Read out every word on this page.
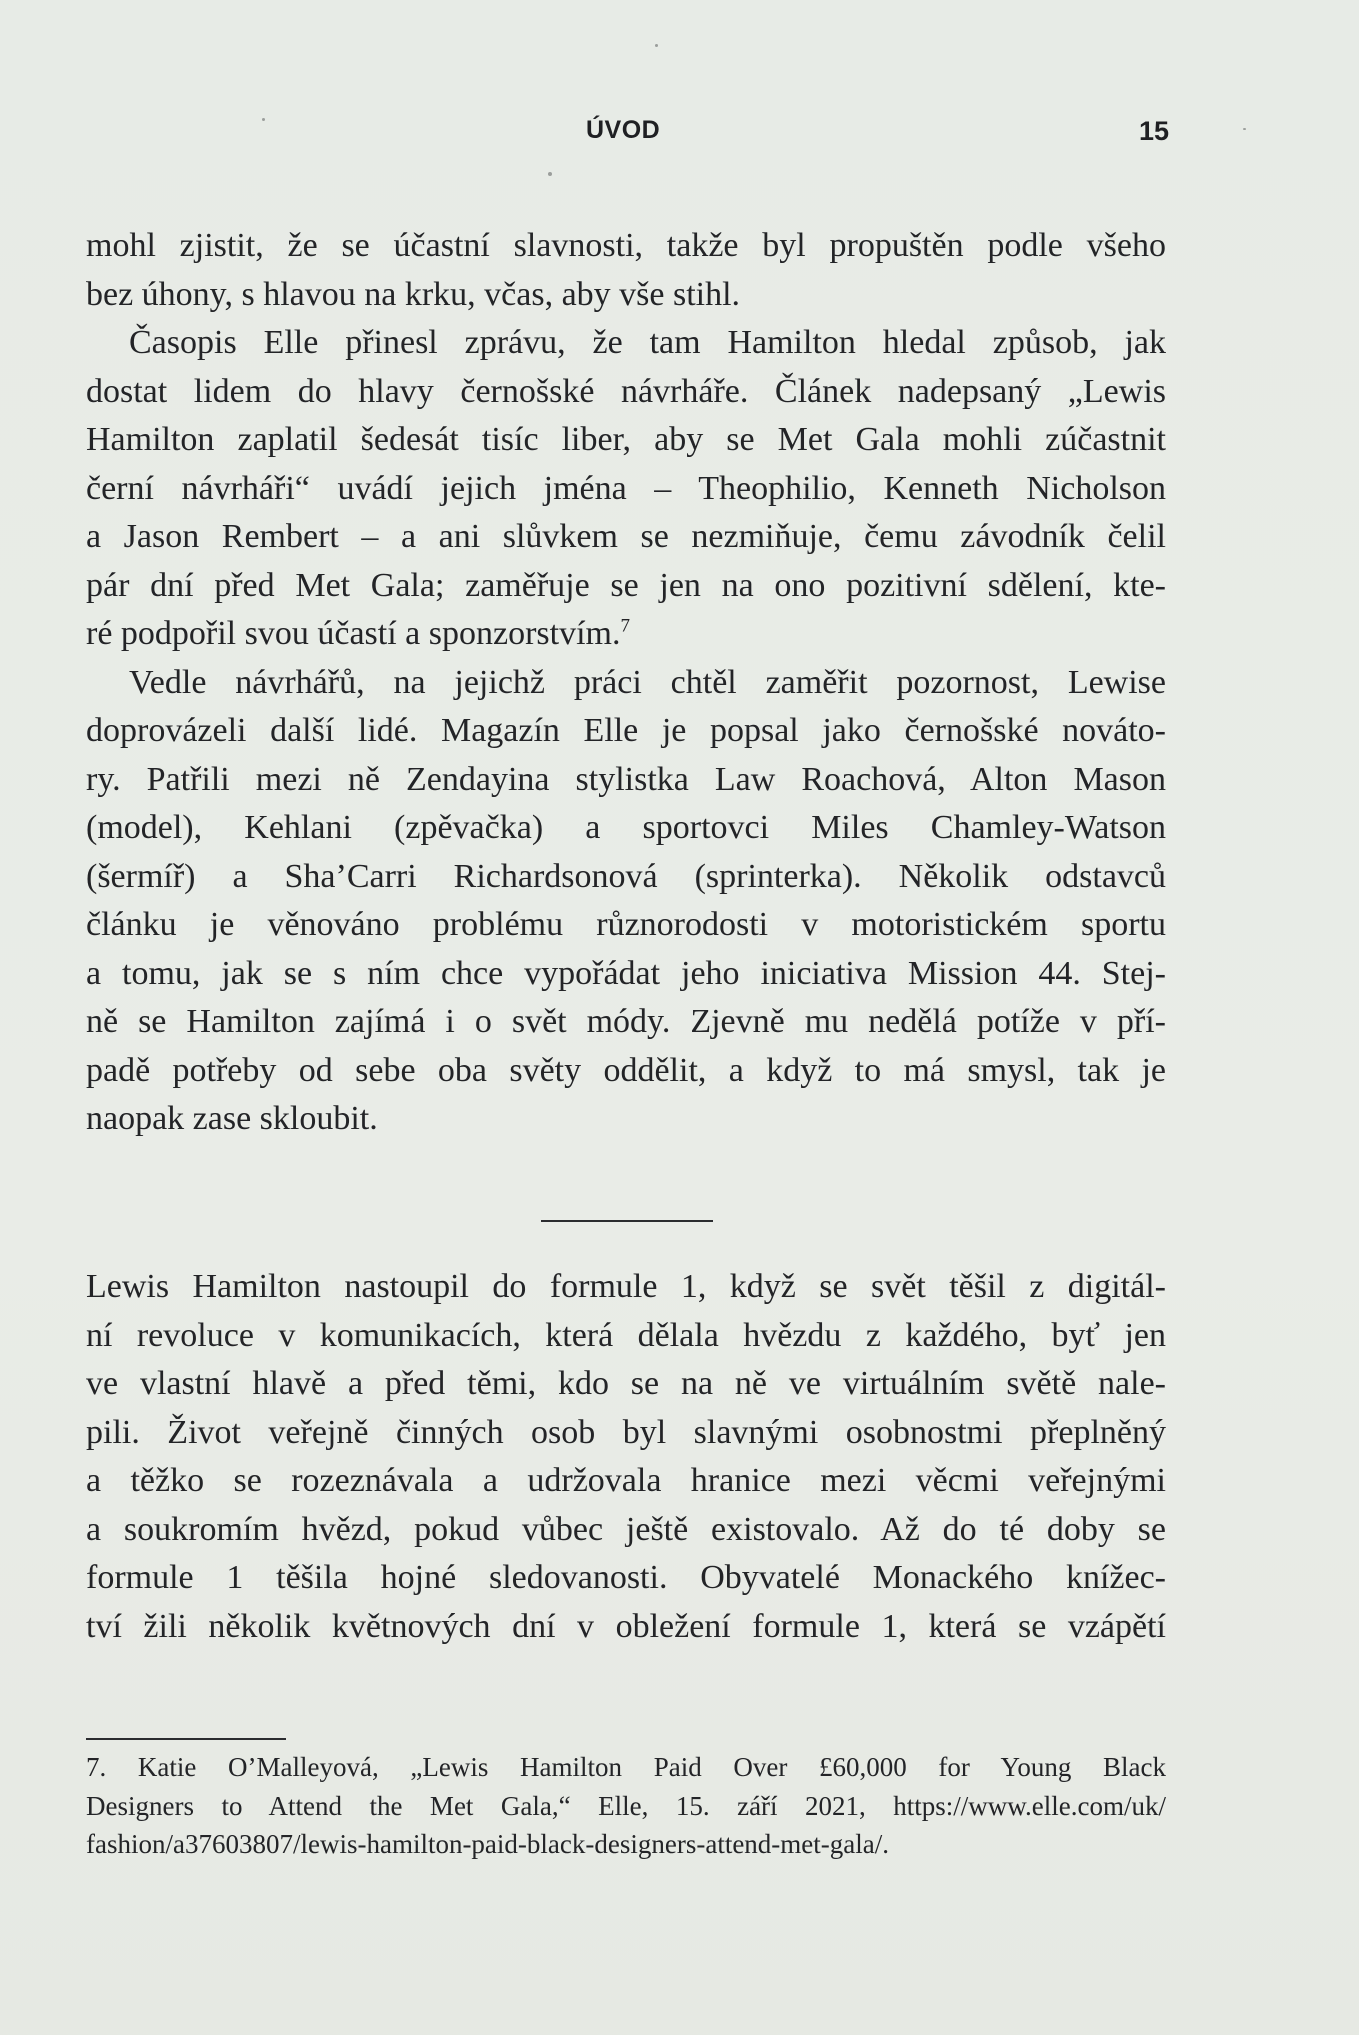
ÚVOD	15
mohl zjistit, že se účastní slavnosti, takže byl propuštěn podle všeho
bez úhony, s hlavou na krku, včas, aby vše stihl.
Časopis Elle přinesl zprávu, že tam Hamilton hledal způsob, jak
dostat lidem do hlavy černošské návrháře. Článek nadepsaný „Lewis
Hamilton zaplatil šedesát tisíc liber, aby se Met Gala mohli zúčastnit
černí návrháři“ uvádí jejich jména – Theophilio, Kenneth Nicholson
a Jason Rembert – a ani slůvkem se nezmiňuje, čemu závodník čelil
pár dní před Met Gala; zaměřuje se jen na ono pozitivní sdělení, kte-
ré podpořil svou účastí a sponzorstvím.$^7$
Vedle návrhářů, na jejichž práci chtěl zaměřit pozornost, Lewise
doprovázeli další lidé. Magazín Elle je popsal jako černošské nováto-
ry. Patřili mezi ně Zendayina stylistka Law Roachová, Alton Mason
(model), Kehlani (zpěvačka) a sportovci Miles Chamley-Watson
(šermíř) a Sha’Carri Richardsonová (sprinterka). Několik odstavců
článku je věnováno problému různorodosti v motoristickém sportu
a tomu, jak se s ním chce vypořádat jeho iniciativa Mission 44. Stej-
ně se Hamilton zajímá i o svět módy. Zjevně mu nedělá potíže v pří-
padě potřeby od sebe oba světy oddělit, a když to má smysl, tak je
naopak zase skloubit.
Lewis Hamilton nastoupil do formule 1, když se svět těšil z digitál-
ní revoluce v komunikacích, která dělala hvězdu z každého, byť jen
ve vlastní hlavě a před těmi, kdo se na ně ve virtuálním světě nale-
pili. Život veřejně činných osob byl slavnými osobnostmi přeplněný
a těžko se rozeznávala a udržovala hranice mezi věcmi veřejnými
a soukromím hvězd, pokud vůbec ještě existovalo. Až do té doby se
formule 1 těšila hojné sledovanosti. Obyvatelé Monackého knížec-
tví žili několik květnových dní v obležení formule 1, která se vzápětí
7. Katie O’Malleyová, „Lewis Hamilton Paid Over £60,000 for Young Black
Designers to Attend the Met Gala,“ Elle, 15. září 2021, https://www.elle.com/uk/
fashion/a37603807/lewis-hamilton-paid-black-designers-attend-met-gala/.
